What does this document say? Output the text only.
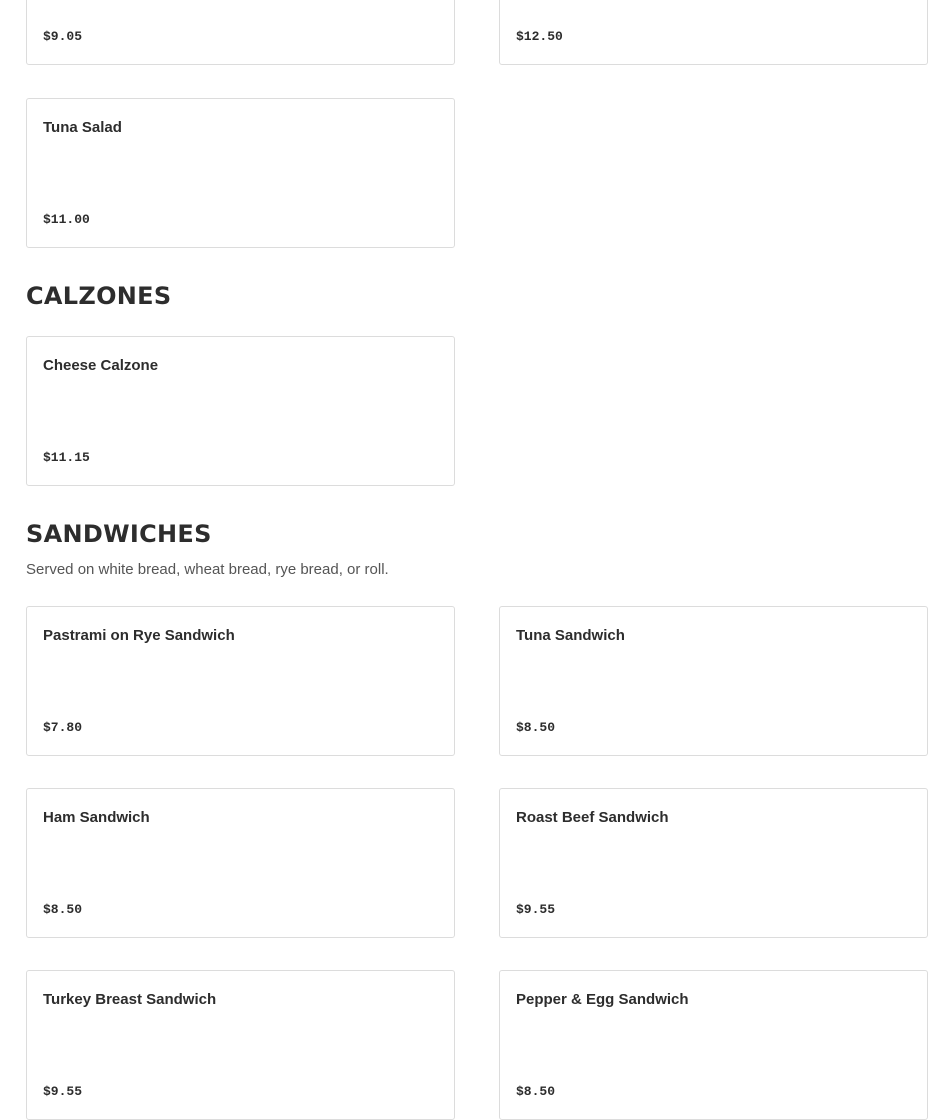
$9.05	$12.50
Tuna Salad
$11.00
CALZONES
Cheese Calzone
$11.15
SANDWICHES

Served on white bread, wheat bread, rye bread, or roll.

Pastrami on Rye Sandwich
$7.80
Tuna Sandwich
$8.50
Ham Sandwich
$8.50
Roast Beef Sandwich
$9.55
Turkey Breast Sandwich
$9.55
Pepper & Egg Sandwich
$8.50
